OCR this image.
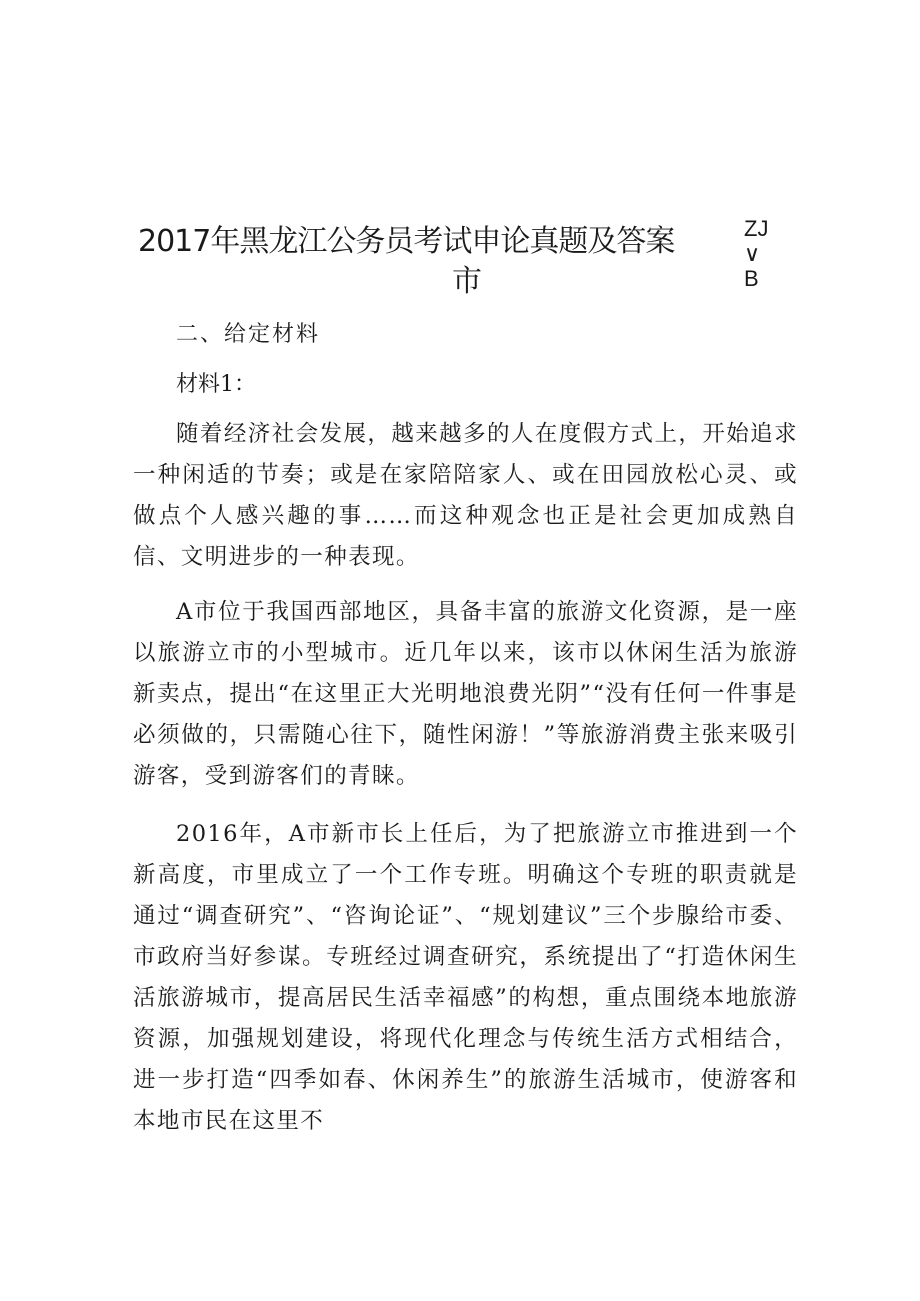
2017年黑龙江公务员考试申论真题及答案
市
ZJ
∨
B
二、给定材料
材料1：

随着经济社会发展，越来越多的人在度假方式上，开始追求一种闲适的节奏；或是在家陪陪家人、或在田园放松心灵、或做点个人感兴趣的事……而这种观念也正是社会更加成熟自信、文明进步的一种表现。

A市位于我国西部地区，具备丰富的旅游文化资源，是一座以旅游立市的小型城市。近几年以来，该市以休闲生活为旅游新卖点，提出“在这里正大光明地浪费光阴”“没有任何一件事是必须做的，只需随心往下，随性闲游！”等旅游消费主张来吸引游客，受到游客们的青睐。

2016年，A市新市长上任后，为了把旅游立市推进到一个新高度，市里成立了一个工作专班。明确这个专班的职责就是通过“调查研究”、“咨询论证”、“规划建议”三个步腺给市委、市政府当好参谋。专班经过调查研究，系统提出了“打造休闲生活旅游城市，提高居民生活幸福感”的构想，重点围绕本地旅游资源，加强规划建设，将现代化理念与传统生活方式相结合，进一步打造“四季如春、休闲养生”的旅游生活城市，使游客和本地市民在这里不
